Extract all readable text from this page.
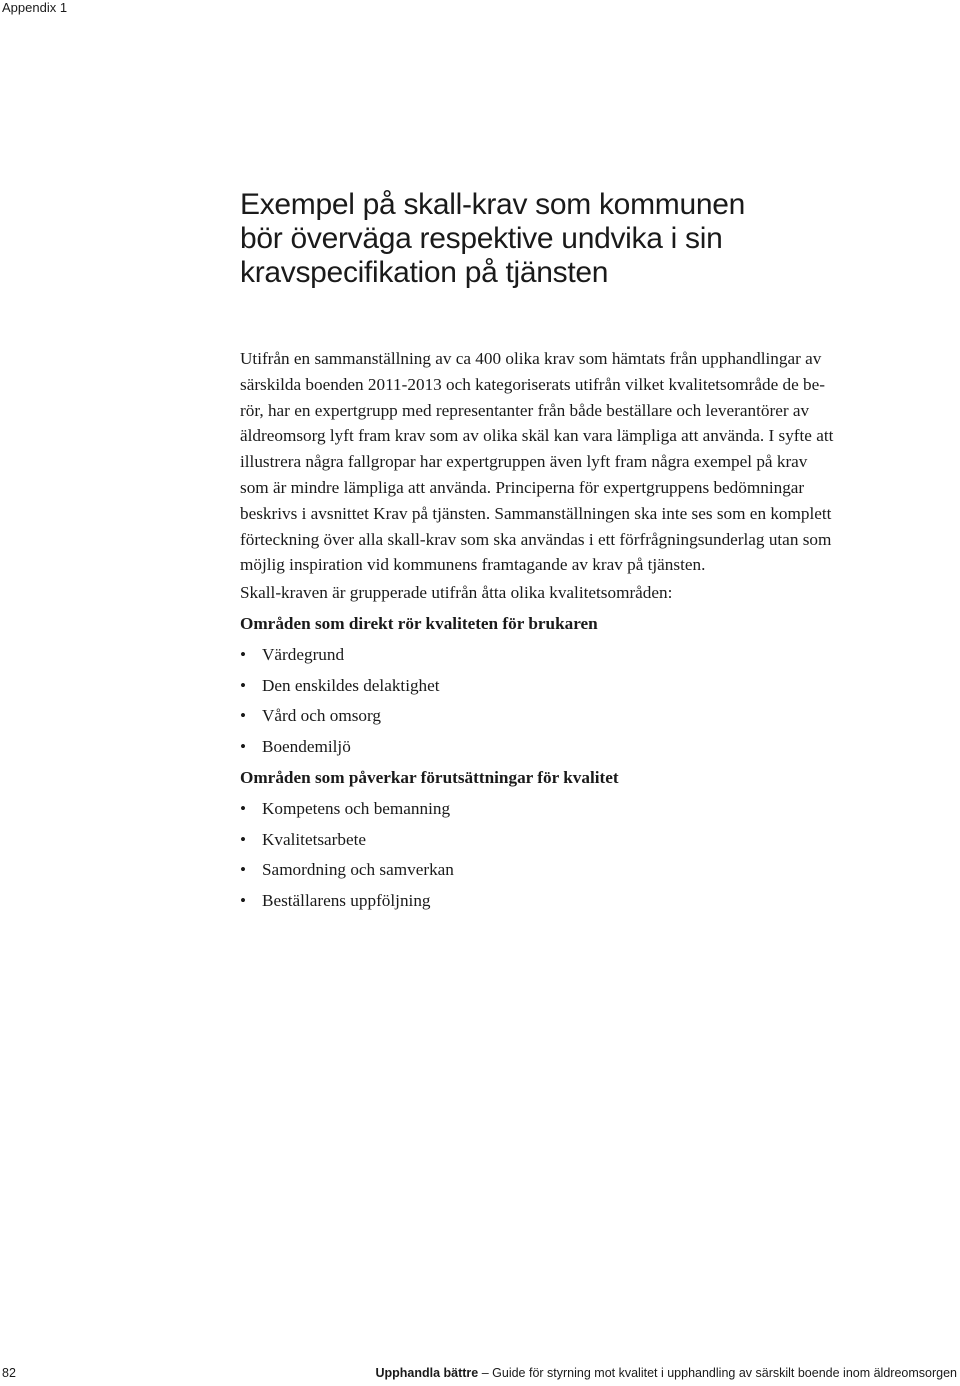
Appendix 1
Exempel på skall-krav som kommunen
bör överväga respektive undvika i sin
kravspecifikation på tjänsten
Utifrån en sammanställning av ca 400 olika krav som hämtats från upphandlingar av
särskilda boenden 2011-2013 och kategoriserats utifrån vilket kvalitetsområde de be-
rör, har en expertgrupp med representanter från både beställare och leverantörer av
äldreomsorg lyft fram krav som av olika skäl kan vara lämpliga att använda. I syfte att
illustrera några fallgropar har expertgruppen även lyft fram några exempel på krav
som är mindre lämpliga att använda. Principerna för expertgruppens bedömningar
beskrivs i avsnittet Krav på tjänsten. Sammanställningen ska inte ses som en komplett
förteckning över alla skall-krav som ska användas i ett förfrågningsunderlag utan som
möjlig inspiration vid kommunens framtagande av krav på tjänsten.
Skall-kraven är grupperade utifrån åtta olika kvalitetsområden:
Områden som direkt rör kvaliteten för brukaren
• Värdegrund
• Den enskildes delaktighet
• Vård och omsorg
• Boendemiljö
Områden som påverkar förutsättningar för kvalitet
• Kompetens och bemanning
• Kvalitetsarbete
• Samordning och samverkan
• Beställarens uppföljning
82	Upphandla bättre – Guide för styrning mot kvalitet i upphandling av särskilt boende inom äldreomsorgen
